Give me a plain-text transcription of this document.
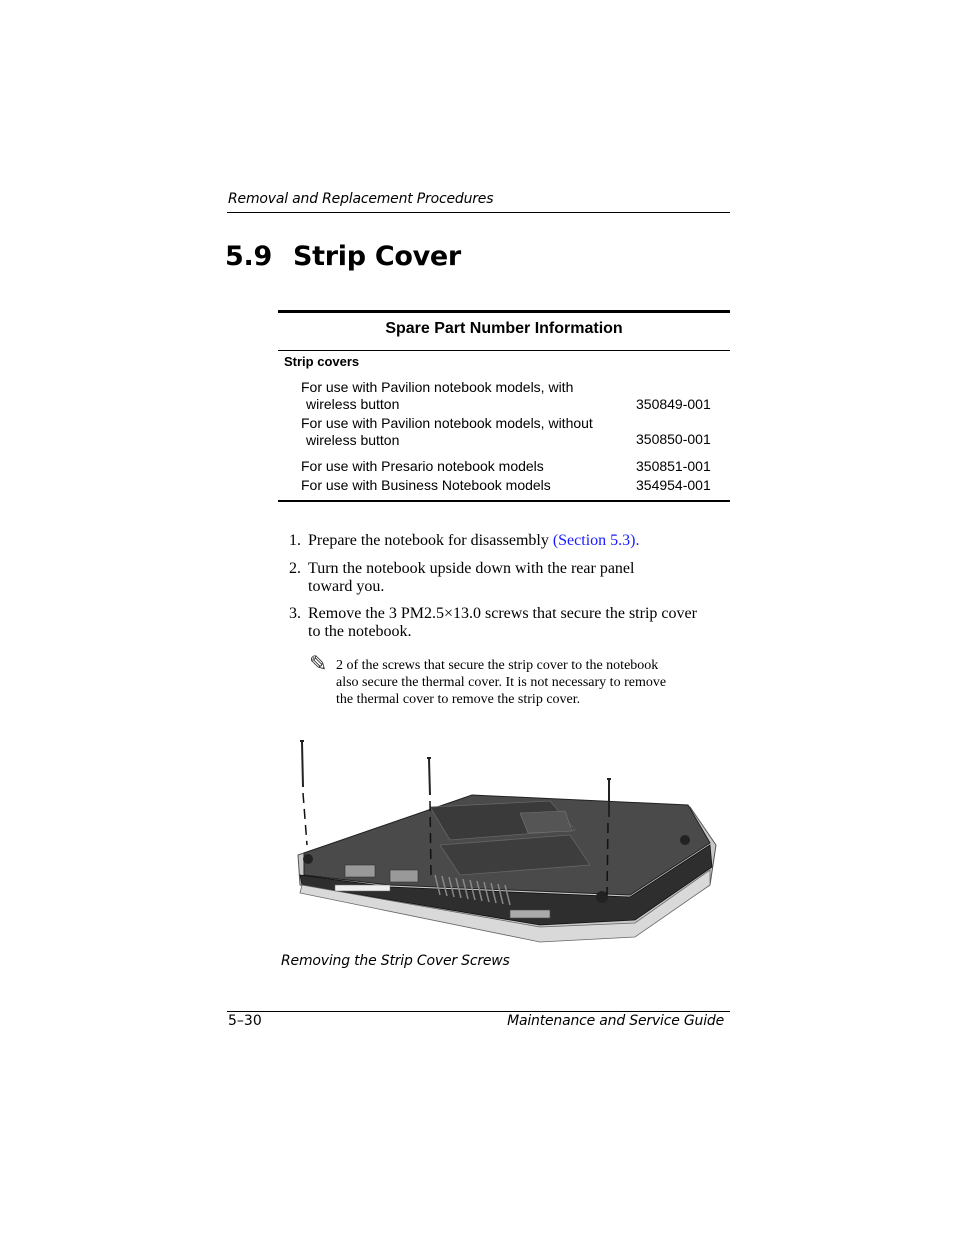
Removal and Replacement Procedures
5.9 Strip Cover
Spare Part Number Information
Strip covers
For use with Pavilion notebook models, with
wireless button	350849-001
For use with Pavilion notebook models, without
wireless button	350850-001
For use with Presario notebook models	350851-001
For use with Business Notebook models	354954-001
1. Prepare the notebook for disassembly (Section 5.3).
2. Turn the notebook upside down with the rear panel
toward you.
3. Remove the 3 PM2.5×13.0 screws that secure the strip cover
to the notebook.
✎ 2 of the screws that secure the strip cover to the notebook
also secure the thermal cover. It is not necessary to remove
the thermal cover to remove the strip cover.
Removing the Strip Cover Screws
5–30	Maintenance and Service Guide
